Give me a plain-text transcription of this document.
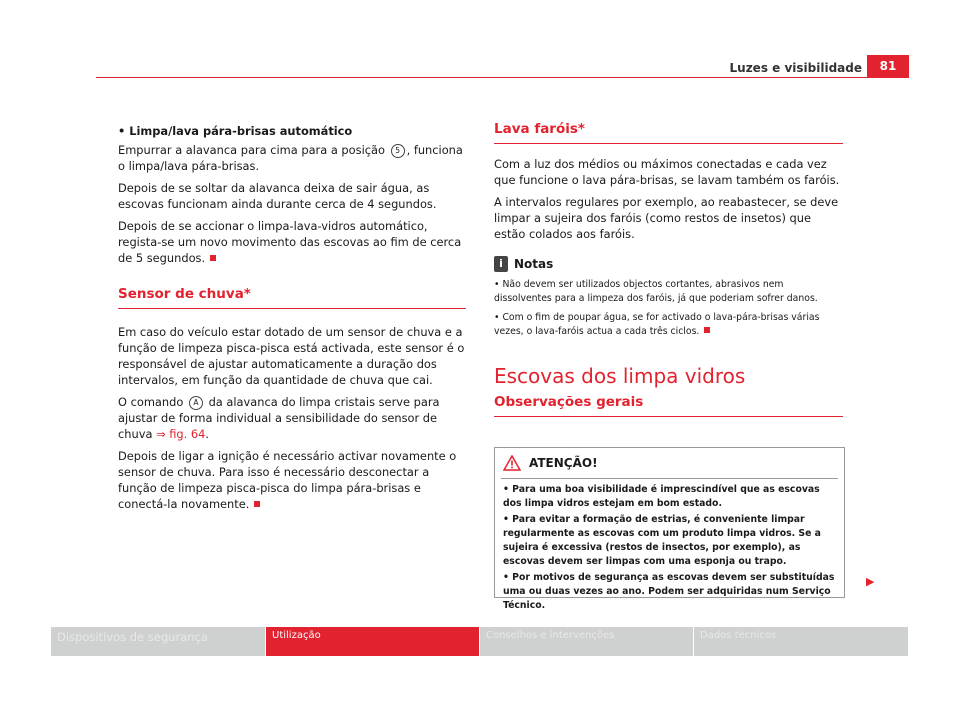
Luzes e visibilidade	81

• Limpa/lava pára-brisas automático

Empurrar a alavanca para cima para a posição 5 , funciona o limpa/lava pára-brisas.

Depois de se soltar da alavanca deixa de sair água, as escovas funcionam ainda durante cerca de 4 segundos.

Depois de se accionar o limpa-lava-vidros automático, regista-se um novo movimento das escovas ao fim de cerca de 5 segundos.

Sensor de chuva*

Em caso do veículo estar dotado de um sensor de chuva e a função de limpeza pisca-pisca está activada, este sensor é o responsável de ajustar automaticamente a duração dos intervalos, em função da quantidade de chuva que cai.

O comando A da alavanca do limpa cristais serve para ajustar de forma individual a sensibilidade do sensor de chuva ⇒ fig. 64.

Depois de ligar a ignição é necessário activar novamente o sensor de chuva. Para isso é necessário desconectar a função de limpeza pisca-pisca do limpa pára-brisas e conectá-la novamente.

Lava faróis*

Com a luz dos médios ou máximos conectadas e cada vez que funcione o lava pára-brisas, se lavam também os faróis.

A intervalos regulares por exemplo, ao reabastecer, se deve limpar a sujeira dos faróis (como restos de insetos) que estão colados aos faróis.

i Notas

• Não devem ser utilizados objectos cortantes, abrasivos nem dissolventes para a limpeza dos faróis, já que poderiam sofrer danos.

• Com o fim de poupar água, se for activado o lava-pára-brisas várias vezes, o lava-faróis actua a cada três ciclos.

Escovas dos limpa vidros
Observações gerais
ATENÇÃO!

• Para uma boa visibilidade é imprescindível que as escovas dos limpa vidros estejam em bom estado.

• Para evitar a formação de estrias, é conveniente limpar regularmente as escovas com um produto limpa vidros. Se a sujeira é excessiva (restos de insectos, por exemplo), as escovas devem ser limpas com uma esponja ou trapo.

• Por motivos de segurança as escovas devem ser substituídas uma ou duas vezes ao ano. Podem ser adquiridas num Serviço Técnico.

▶
Dispositivos de segurança	Utilização	Conselhos e intervenções	Dados técnicos
